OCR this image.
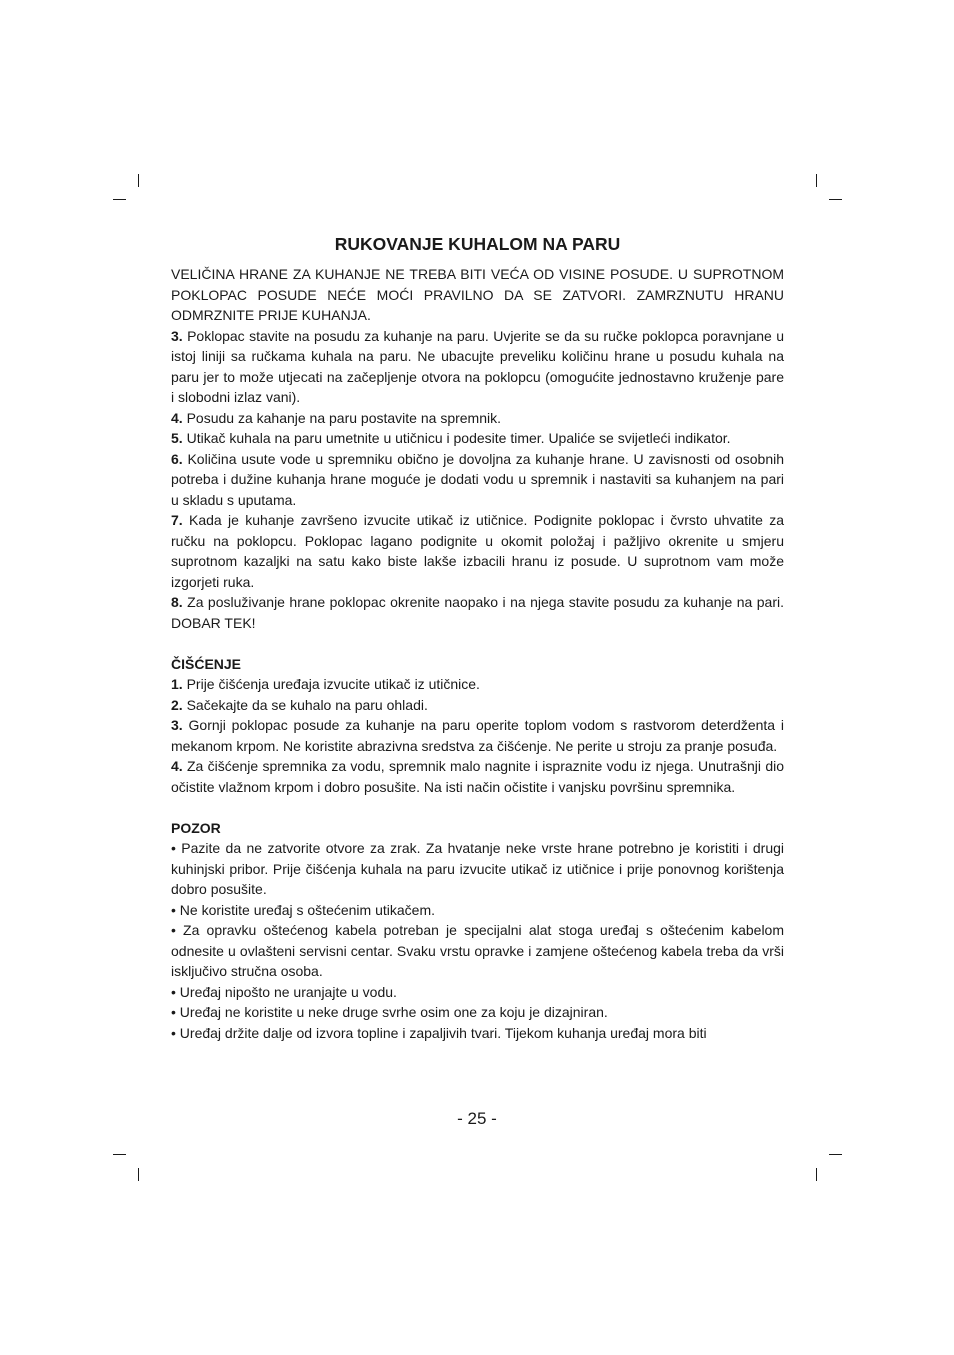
RUKOVANJE KUHALOM NA PARU

VELIČINA HRANE ZA KUHANJE NE TREBA BITI VEĆA OD VISINE POSUDE. U SUPROTNOM POKLOPAC POSUDE NEĆE MOĆI PRAVILNO DA SE ZATVORI. ZAMRZNUTU HRANU ODMRZNITE PRIJE KUHANJA.

3. Poklopac stavite na posudu za kuhanje na paru. Uvjerite se da su ručke poklopca poravnjane u istoj liniji sa ručkama kuhala na paru. Ne ubacujte preveliku količinu hrane u posudu kuhala na paru jer to može utjecati na začepljenje otvora na poklopcu (omogućite jednostavno kruženje pare i slobodni izlaz vani).

4. Posudu za kahanje na paru postavite na spremnik.

5. Utikač kuhala na paru umetnite u utičnicu i podesite timer. Upaliće se svijetleći indikator.

6. Količina usute vode u spremniku obično je dovoljna za kuhanje hrane. U zavisnosti od osobnih potreba i dužine kuhanja hrane moguće je dodati vodu u spremnik i nastaviti sa kuhanjem na pari u skladu s uputama.

7. Kada je kuhanje završeno izvucite utikač iz utičnice. Podignite poklopac i čvrsto uhvatite za ručku na poklopcu. Poklopac lagano podignite u okomit položaj i pažljivo okrenite u smjeru suprotnom kazaljki na satu kako biste lakše izbacili hranu iz posude. U suprotnom vam može izgorjeti ruka.

8. Za posluživanje hrane poklopac okrenite naopako i na njega stavite posudu za kuhanje na pari. DOBAR TEK!

ČIŠĆENJE

1. Prije čišćenja uređaja izvucite utikač iz utičnice.

2. Sačekajte da se kuhalo na paru ohladi.

3. Gornji poklopac posude za kuhanje na paru operite toplom vodom s rastvorom deterdženta i mekanom krpom. Ne koristite abrazivna sredstva za čišćenje. Ne perite u stroju za pranje posuđa.

4. Za čišćenje spremnika za vodu, spremnik malo nagnite i ispraznite vodu iz njega. Unutrašnji dio očistite vlažnom krpom i dobro posušite. Na isti način očistite i vanjsku površinu spremnika.

POZOR

• Pazite da ne zatvorite otvore za zrak. Za hvatanje neke vrste hrane potrebno je koristiti i drugi kuhinjski pribor. Prije čišćenja kuhala na paru izvucite utikač iz utičnice i prije ponovnog korištenja dobro posušite.

• Ne koristite uređaj s oštećenim utikačem.

• Za opravku oštećenog kabela potreban je specijalni alat stoga uređaj s oštećenim kabelom odnesite u ovlašteni servisni centar. Svaku vrstu opravke i zamjene oštećenog kabela treba da vrši isključivo stručna osoba.

• Uređaj nipošto ne uranjajte u vodu.

• Uređaj ne koristite u neke druge svrhe osim one za koju je dizajniran.

• Uređaj držite dalje od izvora topline i zapaljivih tvari. Tijekom kuhanja uređaj mora biti

- 25 -
